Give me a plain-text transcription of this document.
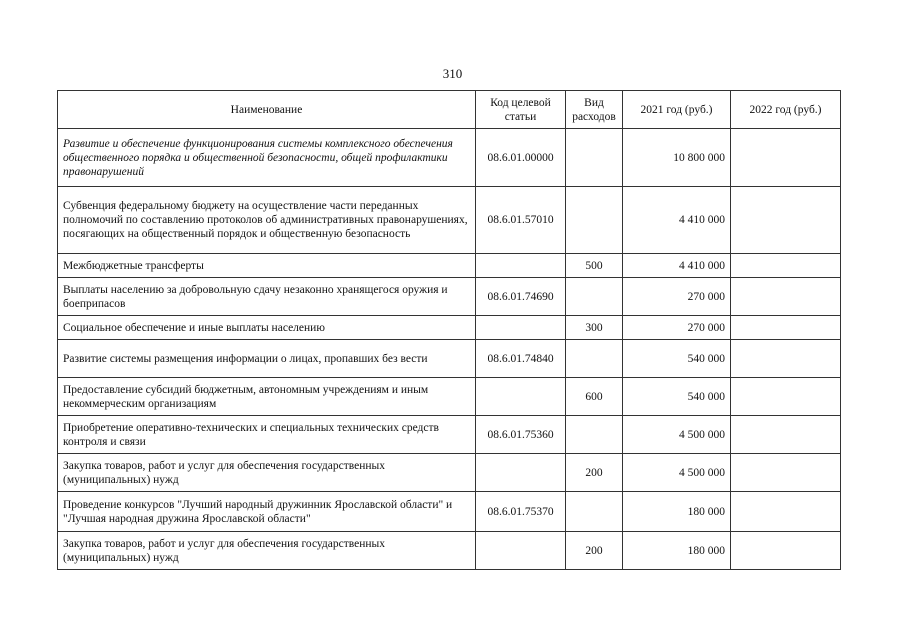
310
Наименование	Код целевой статьи	Вид расходов	2021 год (руб.)	2022 год (руб.)
Развитие и обеспечение функционирования системы комплексного обеспечения общественного порядка и общественной безопасности, общей профилактики правонарушений	08.6.01.00000		10 800 000	
Субвенция федеральному бюджету на осуществление части переданных полномочий по составлению протоколов об административных правонарушениях, посягающих на общественный порядок и общественную безопасность	08.6.01.57010		4 410 000	
Межбюджетные трансферты		500	4 410 000	
Выплаты населению за добровольную сдачу незаконно хранящегося оружия и боеприпасов	08.6.01.74690		270 000	
Социальное обеспечение и иные выплаты населению		300	270 000	
Развитие системы размещения информации о лицах, пропавших без вести	08.6.01.74840		540 000	
Предоставление субсидий бюджетным, автономным учреждениям и иным некоммерческим организациям		600	540 000	
Приобретение оперативно-технических и специальных технических средств контроля и связи	08.6.01.75360		4 500 000	
Закупка товаров, работ и услуг для обеспечения государственных (муниципальных) нужд		200	4 500 000	
Проведение конкурсов "Лучший народный дружинник Ярославской области" и "Лучшая народная дружина Ярославской области"	08.6.01.75370		180 000	
Закупка товаров, работ и услуг для обеспечения государственных (муниципальных) нужд		200	180 000	
